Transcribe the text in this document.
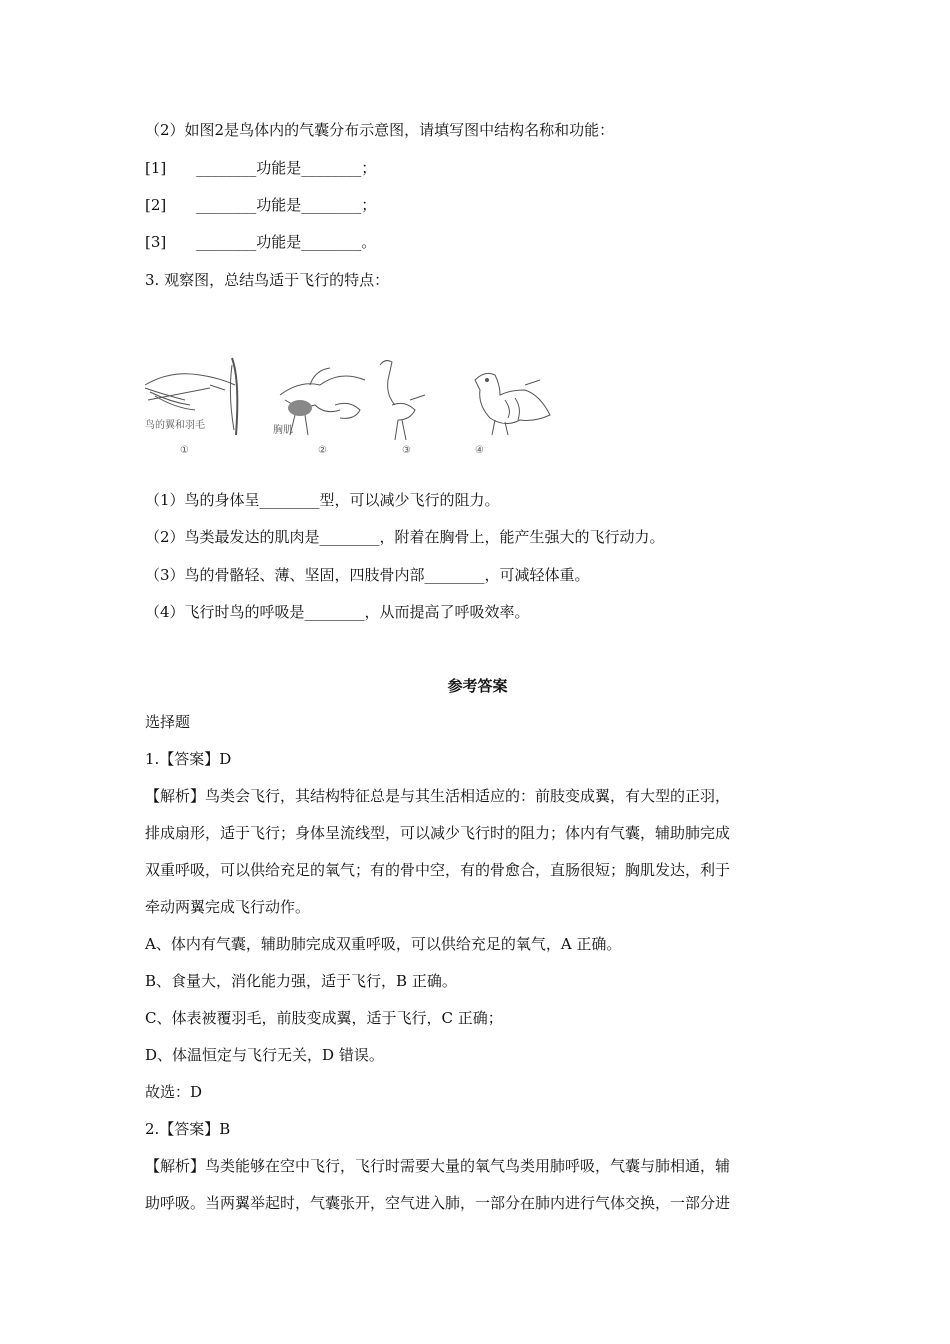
（2）如图2是鸟体内的气囊分布示意图，请填写图中结构名称和功能：
[1]　　________功能是________；
[2]　　________功能是________；
[3]　　________功能是________。
3. 观察图，总结鸟适于飞行的特点：
鸟的翼和羽毛
①
胸肌
②	③	④
（1）鸟的身体呈________型，可以减少飞行的阻力。
（2）鸟类最发达的肌肉是________，附着在胸骨上，能产生强大的飞行动力。
（3）鸟的骨骼轻、薄、坚固，四肢骨内部________，可减轻体重。
（4）飞行时鸟的呼吸是________，从而提高了呼吸效率。
参考答案
选择题
1.【答案】D
【解析】鸟类会飞行，其结构特征总是与其生活相适应的：前肢变成翼，有大型的正羽，
排成扇形，适于飞行；身体呈流线型，可以减少飞行时的阻力；体内有气囊，辅助肺完成
双重呼吸，可以供给充足的氧气；有的骨中空，有的骨愈合，直肠很短；胸肌发达，利于
牵动两翼完成飞行动作。
A、体内有气囊，辅助肺完成双重呼吸，可以供给充足的氧气，A 正确。
B、食量大，消化能力强，适于飞行，B 正确。
C、体表被覆羽毛，前肢变成翼，适于飞行，C 正确；
D、体温恒定与飞行无关，D 错误。
故选：D
2.【答案】B
【解析】鸟类能够在空中飞行，飞行时需要大量的氧气鸟类用肺呼吸，气囊与肺相通，辅
助呼吸。当两翼举起时，气囊张开，空气进入肺，一部分在肺内进行气体交换，一部分进
